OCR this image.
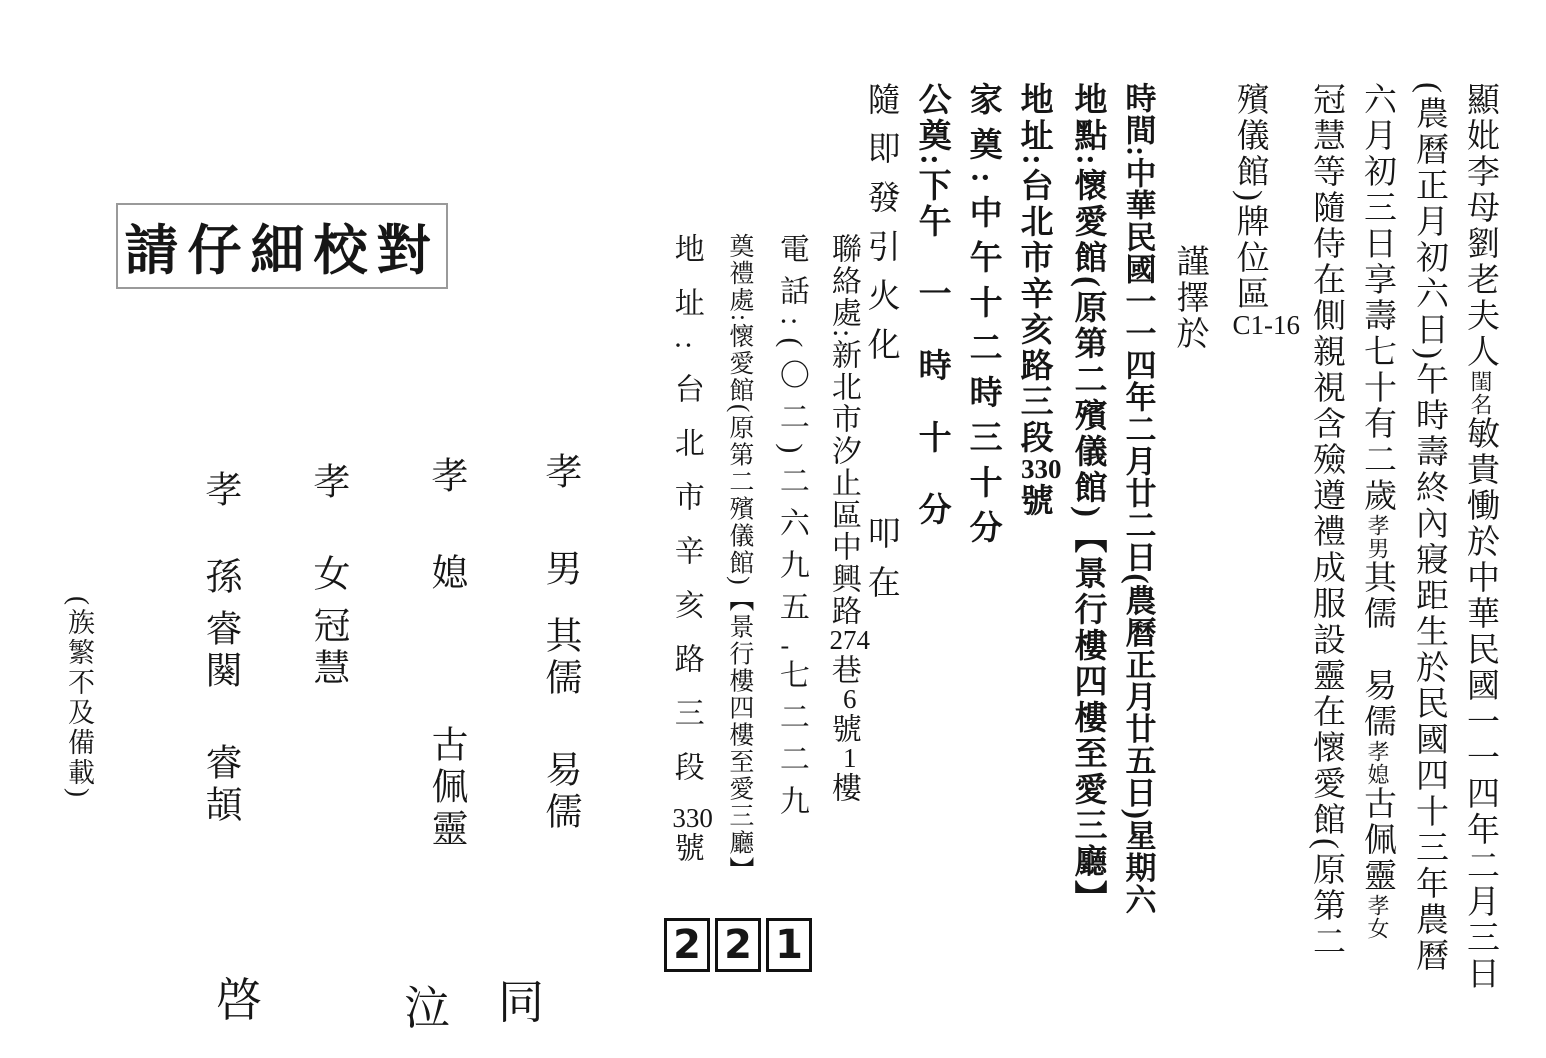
請仔細校對	顯妣李母劉老夫人閨名敏貴慟於中華民國一一四年二月三日
(農曆正月初六日)午時壽終內寢距生於民國四十三年農曆
六月初三日享壽七十有二歲孝男其儒　易儒孝媳古佩靈孝女
冠慧等隨侍在側親視含殮遵禮成服設靈在懷愛館(原第二
殯儀館)牌位區C1-16
謹擇於
時間:中華民國一一四年二月廿二日(農曆正月廿五日)星期六
地點:懷愛館(原第二殯儀館)【景行樓四樓至愛三廳】
地址:台北市辛亥路三段330號
家奠:中午十二時三十分
公奠:下午　一　時　十　分
隨即發引火化叩在
聯絡處:新北市汐止區中興路274巷6號1樓
電話:(〇二)二六九五-七二二九
奠禮處:懷愛館(原第二殯儀館)【景行樓四樓至愛三廳】
地址:台北市辛亥路三段330號
孝男其儒易儒
孝媳古佩靈
孝女冠慧
孝孫睿闋睿頡
(族繁不及備載)
同
泣
啓
2 2 1
